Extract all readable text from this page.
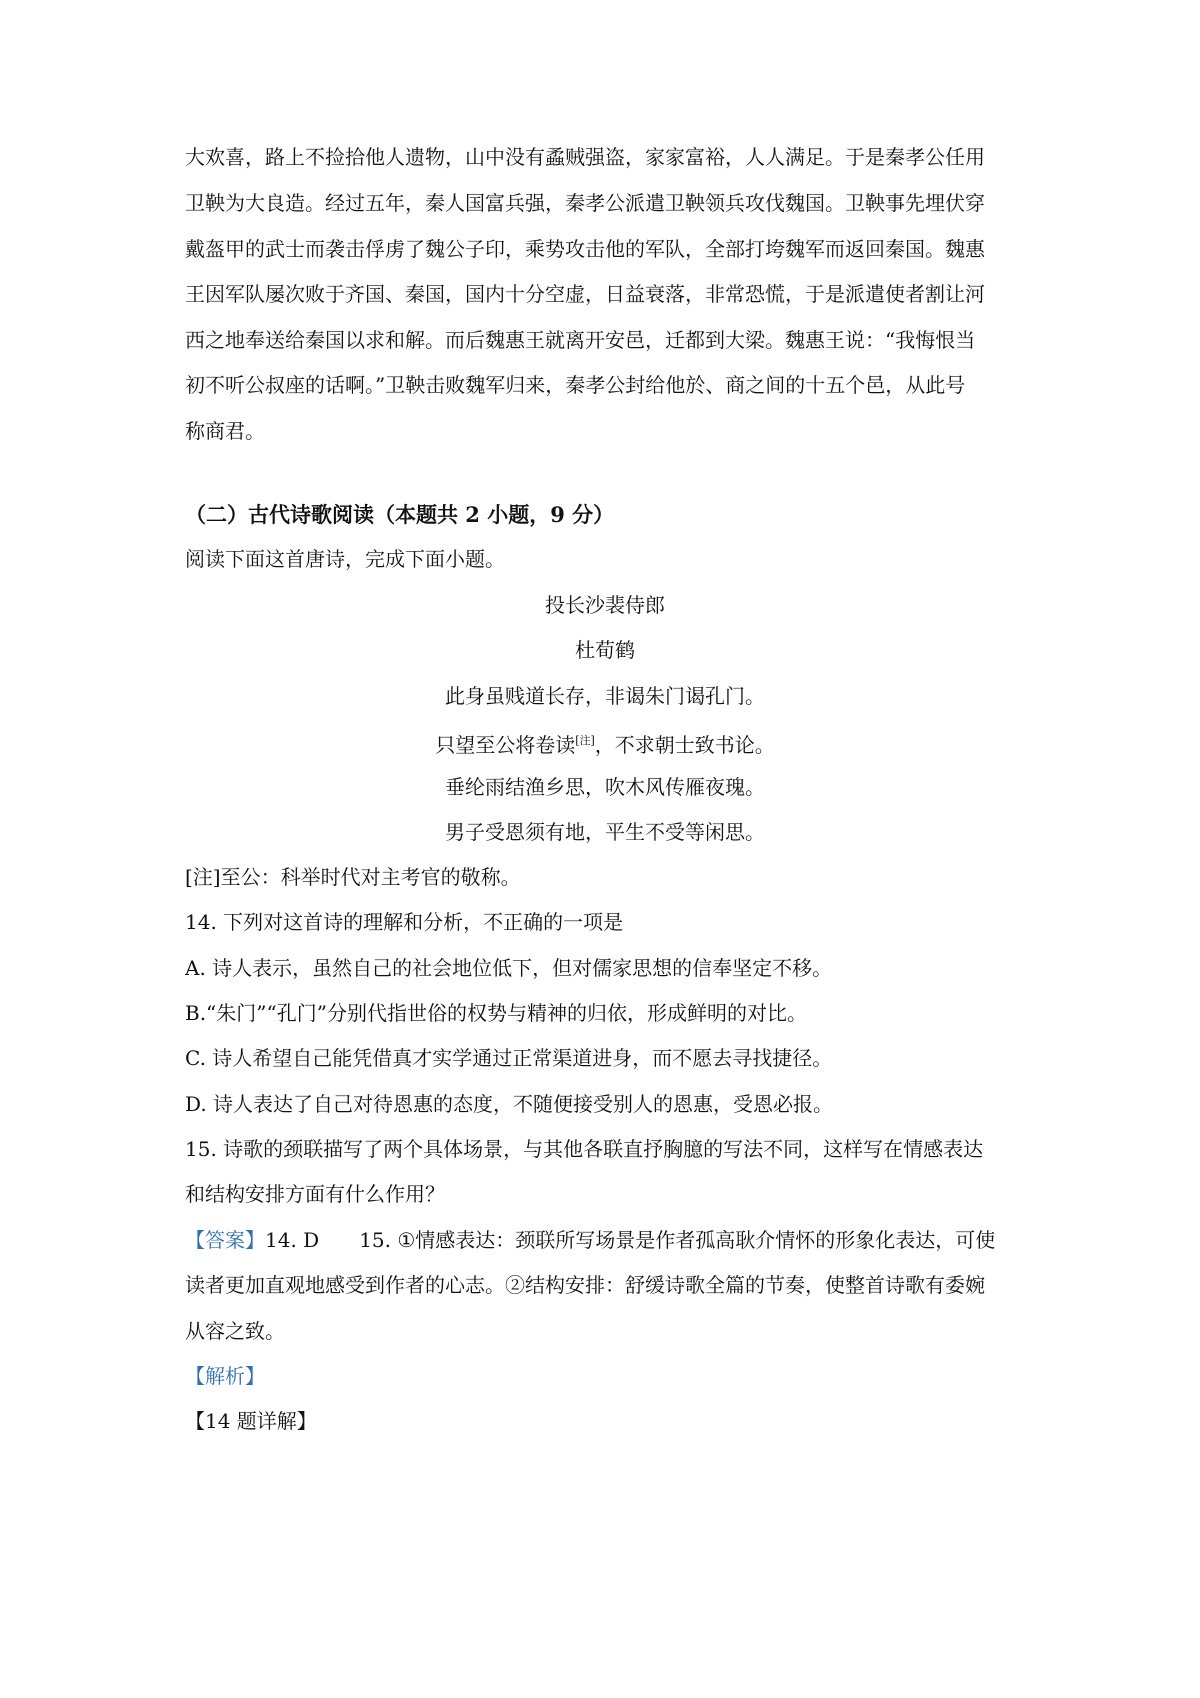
大欢喜，路上不捡拾他人遗物，山中没有蟊贼强盗，家家富裕，人人满足。于是秦孝公任用
卫鞅为大良造。经过五年，秦人国富兵强，秦孝公派遣卫鞅领兵攻伐魏国。卫鞅事先埋伏穿
戴盔甲的武士而袭击俘虏了魏公子印，乘势攻击他的军队，全部打垮魏军而返回秦国。魏惠
王因军队屡次败于齐国、秦国，国内十分空虚，日益衰落，非常恐慌，于是派遣使者割让河
西之地奉送给秦国以求和解。而后魏惠王就离开安邑，迁都到大梁。魏惠王说：“我悔恨当
初不听公叔座的话啊。”卫鞅击败魏军归来，秦孝公封给他於、商之间的十五个邑，从此号
称商君。
（二）古代诗歌阅读（本题共 2 小题，9 分）
阅读下面这首唐诗，完成下面小题。
投长沙裴侍郎
杜荀鹤
此身虽贱道长存，非谒朱门谒孔门。
只望至公将卷读[注]，不求朝士致书论。
垂纶雨结渔乡思，吹木风传雁夜瑰。
男子受恩须有地，平生不受等闲思。
[注]至公：科举时代对主考官的敬称。
14. 下列对这首诗的理解和分析，不正确的一项是
A. 诗人表示，虽然自己的社会地位低下，但对儒家思想的信奉坚定不移。
B.“朱门”“孔门”分别代指世俗的权势与精神的归依，形成鲜明的对比。
C. 诗人希望自己能凭借真才实学通过正常渠道进身，而不愿去寻找捷径。
D. 诗人表达了自己对待恩惠的态度，不随便接受别人的恩惠，受恩必报。
15. 诗歌的颈联描写了两个具体场景，与其他各联直抒胸臆的写法不同，这样写在情感表达
和结构安排方面有什么作用？
【答案】14. D 15. ①情感表达：颈联所写场景是作者孤高耿介情怀的形象化表达，可使
读者更加直观地感受到作者的心志。②结构安排：舒缓诗歌全篇的节奏，使整首诗歌有委婉
从容之致。
【解析】
【14 题详解】
